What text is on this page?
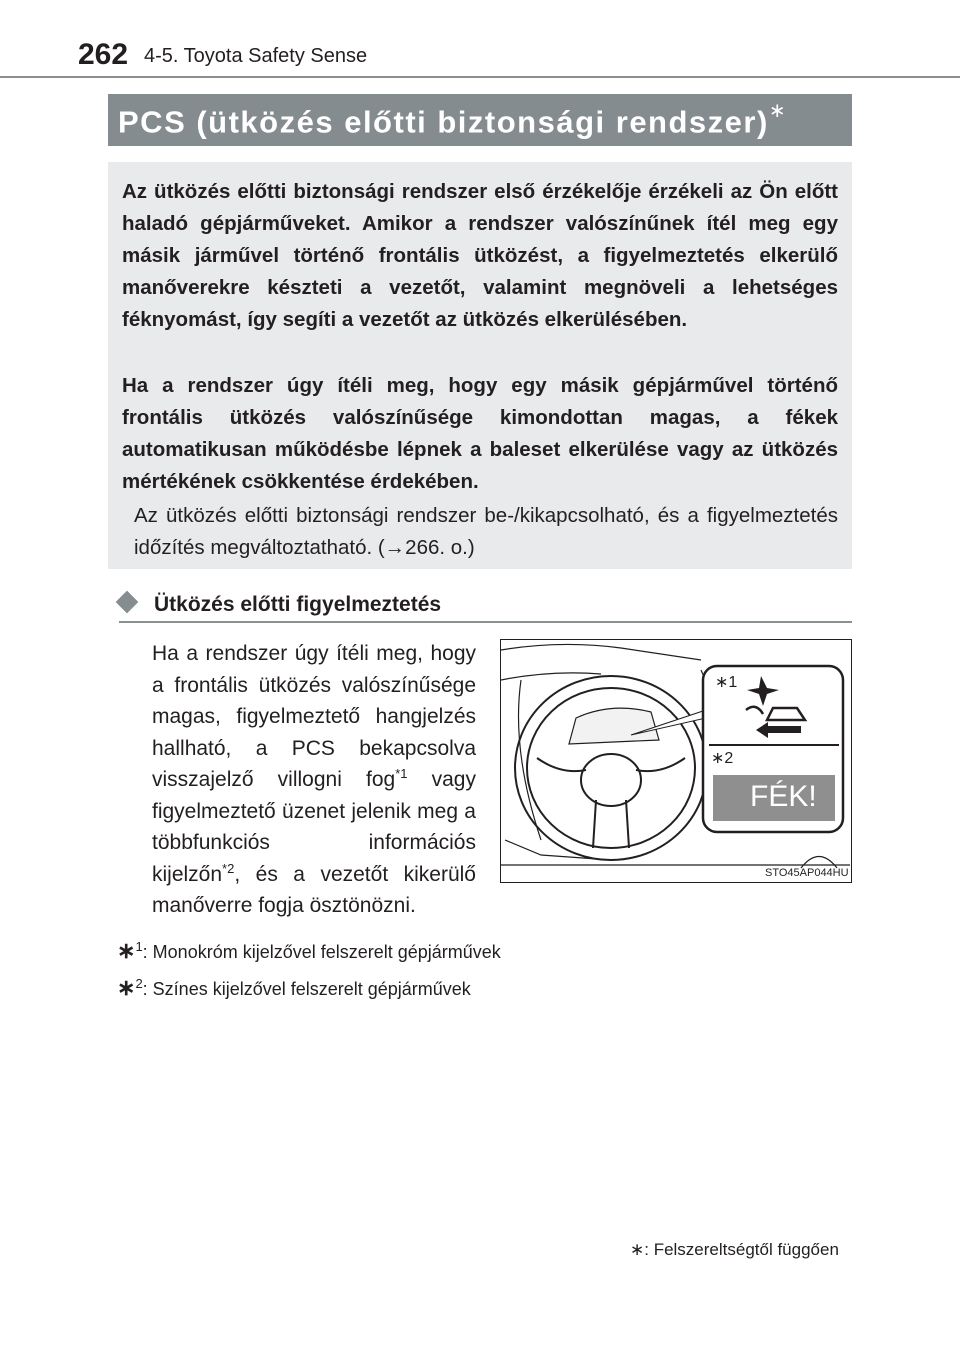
262 4-5. Toyota Safety Sense
PCS (ütközés előtti biztonsági rendszer)∗
Az ütközés előtti biztonsági rendszer első érzékelője érzékeli az Ön előtt haladó gépjárműveket. Amikor a rendszer valószínűnek ítél meg egy másik járművel történő frontális ütközést, a figyelmeztetés elkerülő manőverekre készteti a vezetőt, valamint megnöveli a lehetséges féknyomást, így segíti a vezetőt az ütközés elkerülésében.
Ha a rendszer úgy ítéli meg, hogy egy másik gépjárművel történő frontális ütközés valószínűsége kimondottan magas, a fékek automatikusan működésbe lépnek a baleset elkerülése vagy az ütközés mértékének csökkentése érdekében.
Az ütközés előtti biztonsági rendszer be-/kikapcsolható, és a figyelmeztetés időzítés megváltoztatható. (→266. o.)
Ütközés előtti figyelmeztetés
Ha a rendszer úgy ítéli meg, hogy a frontális ütközés valószínűsége magas, figyelmeztető hangjelzés hallható, a PCS bekapcsolva visszajelző villogni fog$^{*1}$ vagy figyelmeztető üzenet jelenik meg a többfunkciós információs kijelzőn$^{*2}$, és a vezetőt kikerülő manőverre fogja ösztönözni.
∗1
∗2
FÉK!
STO45AP044HU
∗$^1$: Monokróm kijelzővel felszerelt gépjárművek
∗$^2$: Színes kijelzővel felszerelt gépjárművek
∗: Felszereltségtől függően
